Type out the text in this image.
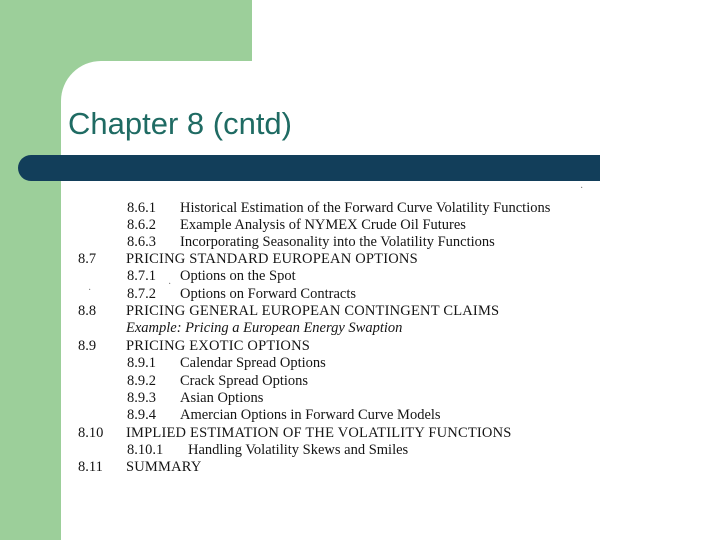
Chapter 8 (cntd)
8.6.1 Historical Estimation of the Forward Curve Volatility Functions
8.6.2 Example Analysis of NYMEX Crude Oil Futures
8.6.3 Incorporating Seasonality into the Volatility Functions
8.7 PRICING STANDARD EUROPEAN OPTIONS
8.7.1 Options on the Spot
8.7.2 Options on Forward Contracts
8.8 PRICING GENERAL EUROPEAN CONTINGENT CLAIMS
Example: Pricing a European Energy Swaption
8.9 PRICING EXOTIC OPTIONS
8.9.1 Calendar Spread Options
8.9.2 Crack Spread Options
8.9.3 Asian Options
8.9.4 Amercian Options in Forward Curve Models
8.10 IMPLIED ESTIMATION OF THE VOLATILITY FUNCTIONS
8.10.1 Handling Volatility Skews and Smiles
8.11 SUMMARY
·
·
·
